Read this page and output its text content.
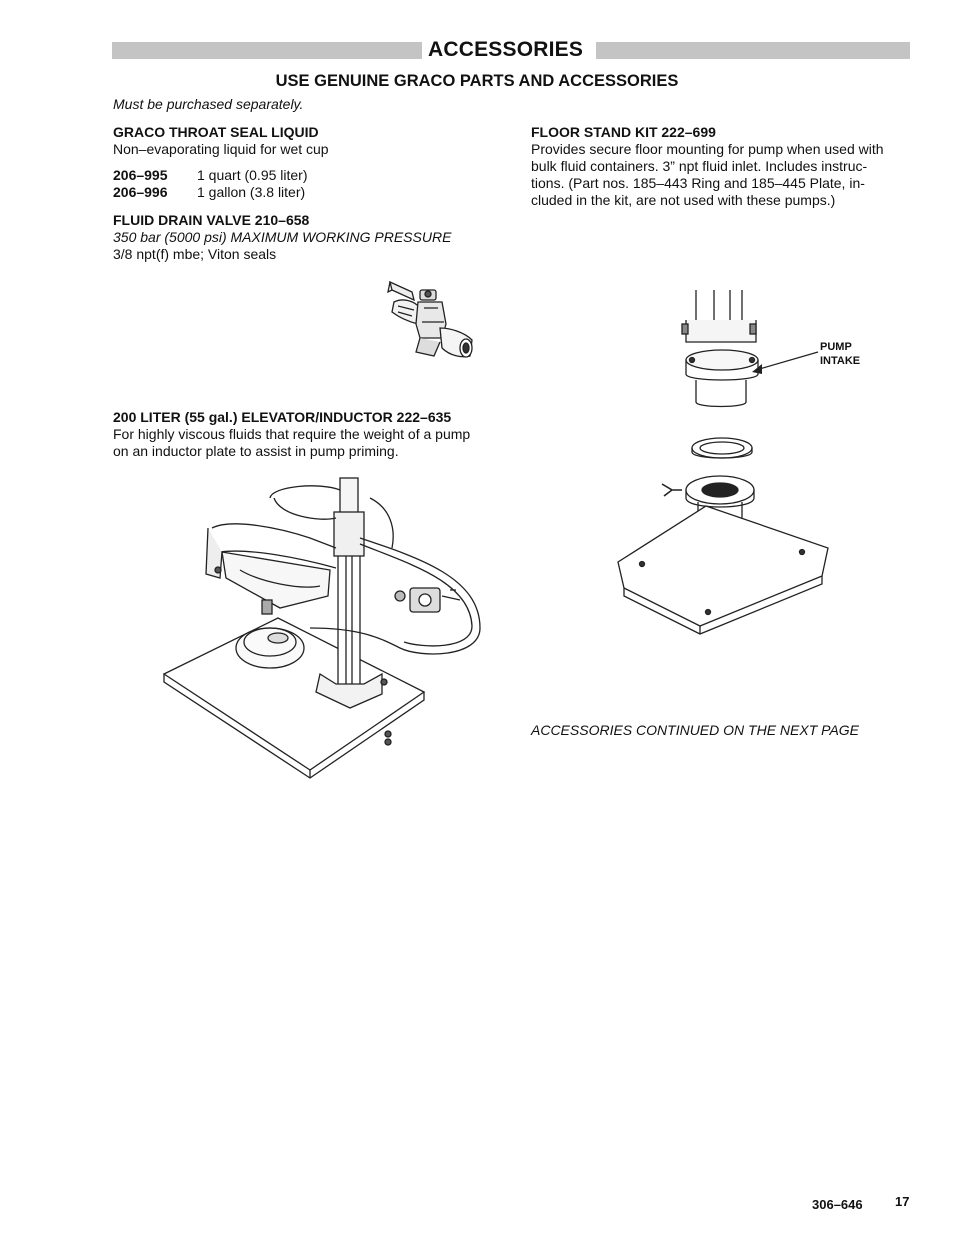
ACCESSORIES
USE GENUINE GRACO PARTS AND ACCESSORIES
Must be purchased separately.

GRACO THROAT SEAL LIQUID

Non–evaporating liquid for wet cup

206–995	1 quart (0.95 liter)
206–996	1 gallon (3.8 liter)

FLUID DRAIN VALVE 210–658

350 bar (5000 psi) MAXIMUM WORKING PRESSURE

3/8 npt(f) mbe; Viton seals

200 LITER (55 gal.) ELEVATOR/INDUCTOR 222–635

For highly viscous fluids that require the weight of a pump

on an inductor plate to assist in pump priming.

FLOOR STAND KIT 222–699

Provides secure floor mounting for pump when used with

bulk fluid containers. 3” npt fluid inlet. Includes instruc-

tions. (Part nos. 185–443 Ring and 185–445 Plate, in-

cluded in the kit, are not used with these pumps.)

PUMP
INTAKE
ACCESSORIES CONTINUED ON THE NEXT PAGE
306–646 17
